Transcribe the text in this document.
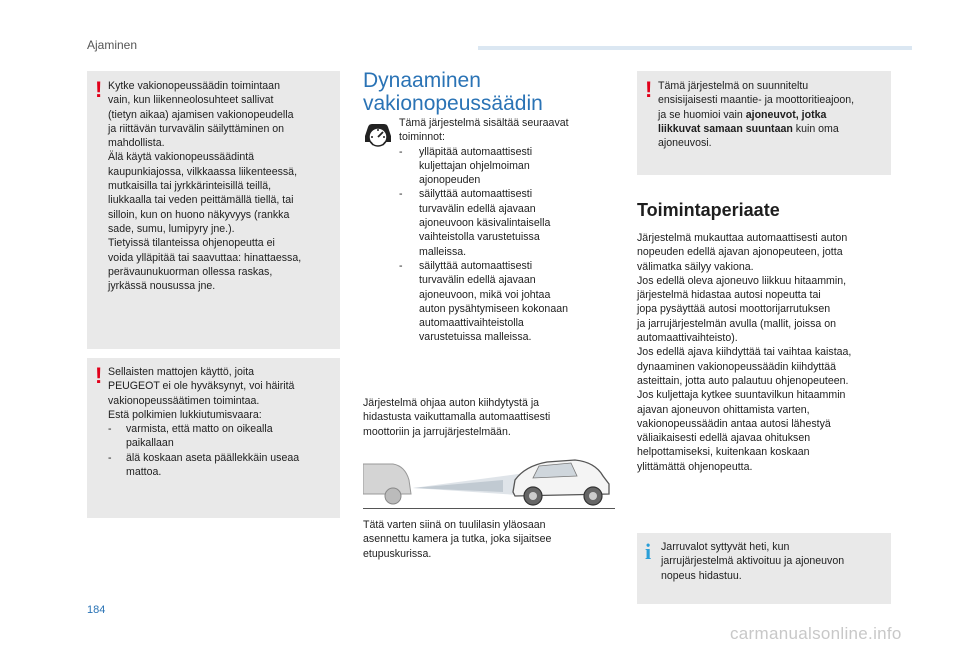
Ajaminen
! Kytke vakionopeussäädin toimintaan

vain, kun liikenneolosuhteet sallivat

(tietyn aikaa) ajamisen vakionopeudella

ja riittävän turvavälin säilyttäminen on

mahdollista.

Älä käytä vakionopeussäädintä

kaupunkiajossa, vilkkaassa liikenteessä,

mutkaisilla tai jyrkkärinteisillä teillä,

liukkaalla tai veden peittämällä tiellä, tai

silloin, kun on huono näkyvyys (rankka

sade, sumu, lumipyry jne.).

Tietyissä tilanteissa ohjenopeutta ei

voida ylläpitää tai saavuttaa: hinattaessa,

perävaunukuorman ollessa raskas,

jyrkässä nousussa jne.

! Sellaisten mattojen käyttö, joita

PEUGEOT ei ole hyväksynyt, voi häiritä

vakionopeussäätimen toimintaa.

Estä polkimien lukkiutumisvaara:

- varmista, että matto on oikealla

paikallaan

- älä koskaan aseta päällekkäin useaa

mattoa.

Dynaaminen vakionopeussäädin

Tämä järjestelmä sisältää seuraavat

toiminnot:

- ylläpitää automaattisesti

kuljettajan ohjelmoiman

ajonopeuden

- säilyttää automaattisesti

turvavälin edellä ajavaan

ajoneuvoon käsivalintaisella

vaihteistolla varustetuissa

malleissa.

- säilyttää automaattisesti

turvavälin edellä ajavaan

ajoneuvoon, mikä voi johtaa

auton pysähtymiseen kokonaan

automaattivaihteistolla

varustetuissa malleissa.

Järjestelmä ohjaa auton kiihdytystä ja

hidastusta vaikuttamalla automaattisesti

moottoriin ja jarrujärjestelmään.

Tätä varten siinä on tuulilasin yläosaan

asennettu kamera ja tutka, joka sijaitsee

etupuskurissa.

! Tämä järjestelmä on suunniteltu

ensisijaisesti maantie- ja moottoritieajoon,

ja se huomioi vain ajoneuvot, jotka

liikkuvat samaan suuntaan kuin oma

ajoneuvosi.

Toimintaperiaate

Järjestelmä mukauttaa automaattisesti auton

nopeuden edellä ajavan ajonopeuteen, jotta

välimatka säilyy vakiona.

Jos edellä oleva ajoneuvo liikkuu hitaammin,

järjestelmä hidastaa autosi nopeutta tai

jopa pysäyttää autosi moottorijarrutuksen

ja jarrujärjestelmän avulla (mallit, joissa on

automaattivaihteisto).

Jos edellä ajava kiihdyttää tai vaihtaa kaistaa,

dynaaminen vakionopeussäädin kiihdyttää

asteittain, jotta auto palautuu ohjenopeuteen.

Jos kuljettaja kytkee suuntavilkun hitaammin

ajavan ajoneuvon ohittamista varten,

vakionopeussäädin antaa autosi lähestyä

väliaikaisesti edellä ajavaa ohituksen

helpottamiseksi, kuitenkaan koskaan

ylittämättä ohjenopeutta.

i Jarruvalot syttyvät heti, kun

jarrujärjestelmä aktivoituu ja ajoneuvon

nopeus hidastuu.

184
carmanualsonline.info
